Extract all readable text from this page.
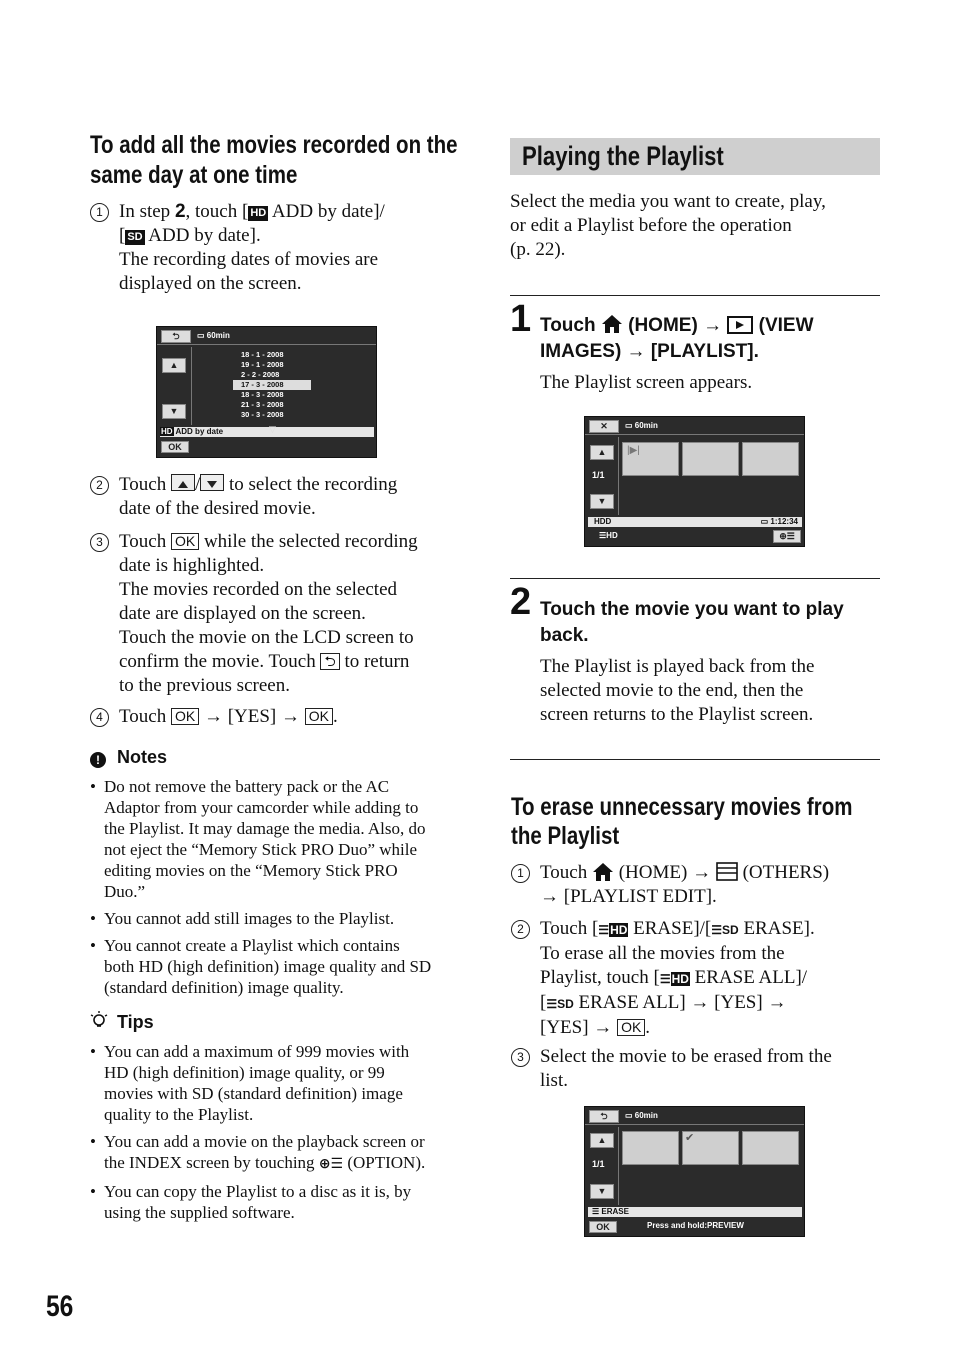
To add all the movies recorded on the
same day at one time
1 In step 2, touch [ HD ADD by date]/
[ SD ADD by date].
The recording dates of movies are
displayed on the screen.
⮌	▭ 60min
▲
▼
18 - 1 - 2008
19 - 1 - 2008
2 - 2 - 2008
17 - 3 - 2008
18 - 3 - 2008
21 - 3 - 2008
30 - 3 - 2008
HD ADD by date	▽
OK
2 Touch / to select the recording
date of the desired movie.
3 Touch OK while the selected recording
date is highlighted.
The movies recorded on the selected
date are displayed on the screen.
Touch the movie on the LCD screen to
confirm the movie. Touch ⮌ to return
to the previous screen.
4 Touch OK → [YES] → OK .
! Notes
• Do not remove the battery pack or the AC
Adaptor from your camcorder while adding to
the Playlist. It may damage the media. Also, do
not eject the “Memory Stick PRO Duo” while
editing movies on the “Memory Stick PRO
Duo.”
• You cannot add still images to the Playlist.
• You cannot create a Playlist which contains
both HD (high definition) image quality and SD
(standard definition) image quality.
Tips
• You can add a maximum of 999 movies with
HD (high definition) image quality, or 99
movies with SD (standard definition) image
quality to the Playlist.
• You can add a movie on the playback screen or
the INDEX screen by touching ⊕☰ (OPTION).
• You can copy the Playlist to a disc as it is, by
using the supplied software.
Playing the Playlist
Select the media you want to create, play,
or edit a Playlist before the operation
(p. 22).
1 Touch  (HOME) →  (VIEW
IMAGES) → [PLAYLIST].
The Playlist screen appears.
✕	▭ 60min
▲
1/1
▼
|▶|
HDD	▭ 1:12:34
☰HD	⊕☰
2 Touch the movie you want to play
back.
The Playlist is played back from the
selected movie to the end, then the
screen returns to the Playlist screen.
To erase unnecessary movies from
the Playlist
1 Touch  (HOME) →  (OTHERS)
→ [PLAYLIST EDIT].
2 Touch [☰HD ERASE]/[☰SD ERASE].
To erase all the movies from the
Playlist, touch [☰HD ERASE ALL]/
[☰SD ERASE ALL] → [YES] →
[YES] → OK .
3 Select the movie to be erased from the
list.
⮌	▭ 60min
▲
1/1
▼
✔
☰ ERASE
OK	Press and hold:PREVIEW
56
